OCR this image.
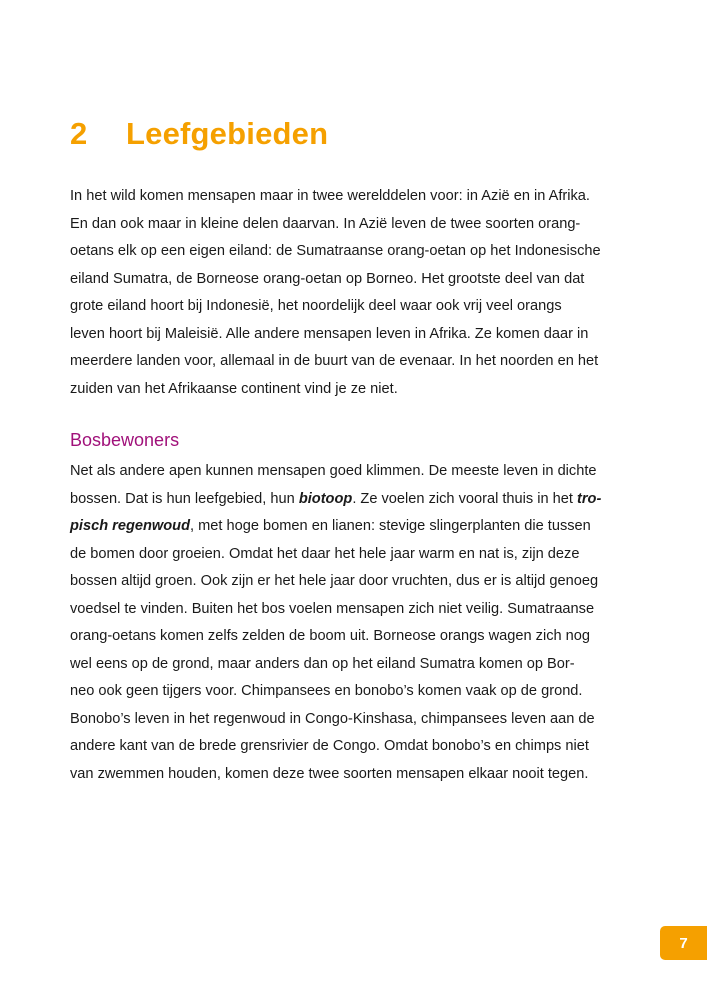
2 Leefgebieden

In het wild komen mensapen maar in twee werelddelen voor: in Azië en in Afrika.
En dan ook maar in kleine delen daarvan. In Azië leven de twee soorten orang-
oetans elk op een eigen eiland: de Sumatraanse orang-oetan op het Indonesische
eiland Sumatra, de Borneose orang-oetan op Borneo. Het grootste deel van dat
grote eiland hoort bij Indonesië, het noordelijk deel waar ook vrij veel orangs
leven hoort bij Maleisië. Alle andere mensapen leven in Afrika. Ze komen daar in
meerdere landen voor, allemaal in de buurt van de evenaar. In het noorden en het
zuiden van het Afrikaanse continent vind je ze niet.

Bosbewoners

Net als andere apen kunnen mensapen goed klimmen. De meeste leven in dichte
bossen. Dat is hun leefgebied, hun biotoop. Ze voelen zich vooral thuis in het tro-
pisch regenwoud, met hoge bomen en lianen: stevige slingerplanten die tussen
de bomen door groeien. Omdat het daar het hele jaar warm en nat is, zijn deze
bossen altijd groen. Ook zijn er het hele jaar door vruchten, dus er is altijd genoeg
voedsel te vinden. Buiten het bos voelen mensapen zich niet veilig. Sumatraanse
orang-oetans komen zelfs zelden de boom uit. Borneose orangs wagen zich nog
wel eens op de grond, maar anders dan op het eiland Sumatra komen op Bor-
neo ook geen tijgers voor. Chimpansees en bonobo’s komen vaak op de grond.
Bonobo’s leven in het regenwoud in Congo-Kinshasa, chimpansees leven aan de
andere kant van de brede grensrivier de Congo. Omdat bonobo’s en chimps niet
van zwemmen houden, komen deze twee soorten mensapen elkaar nooit tegen.

7
